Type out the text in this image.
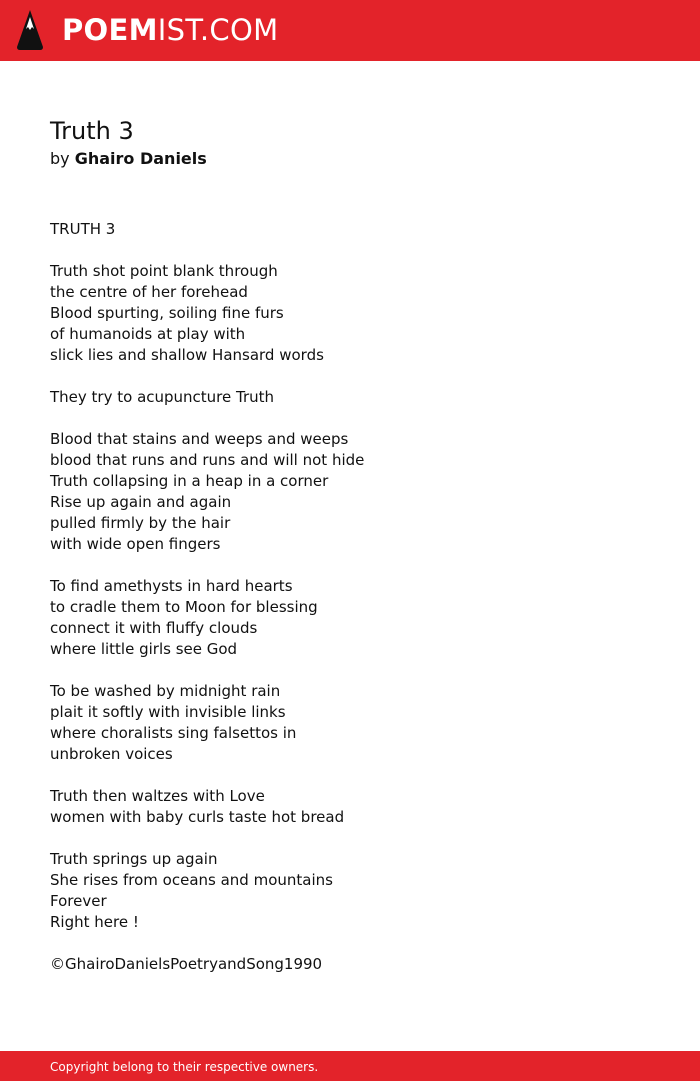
POEMIST.COM
Truth 3
by Ghairo Daniels
TRUTH 3
Truth shot point blank through
the centre of her forehead
Blood spurting, soiling fine furs
of humanoids at play with
slick lies and shallow Hansard words
They try to acupuncture Truth
Blood that stains and weeps and weeps
blood that runs and runs and will not hide
Truth collapsing in a heap in a corner
Rise up again and again
pulled firmly by the hair
with wide open fingers
To find amethysts in hard hearts
to cradle them to Moon for blessing
connect it with fluffy clouds
where little girls see God
To be washed by midnight rain
plait it softly with invisible links
where choralists sing falsettos in
unbroken voices
Truth then waltzes with Love
women with baby curls taste hot bread
Truth springs up again
She rises from oceans and mountains
Forever
Right here !
©GhairoDanielsPoetryandSong1990
Copyright belong to their respective owners.
